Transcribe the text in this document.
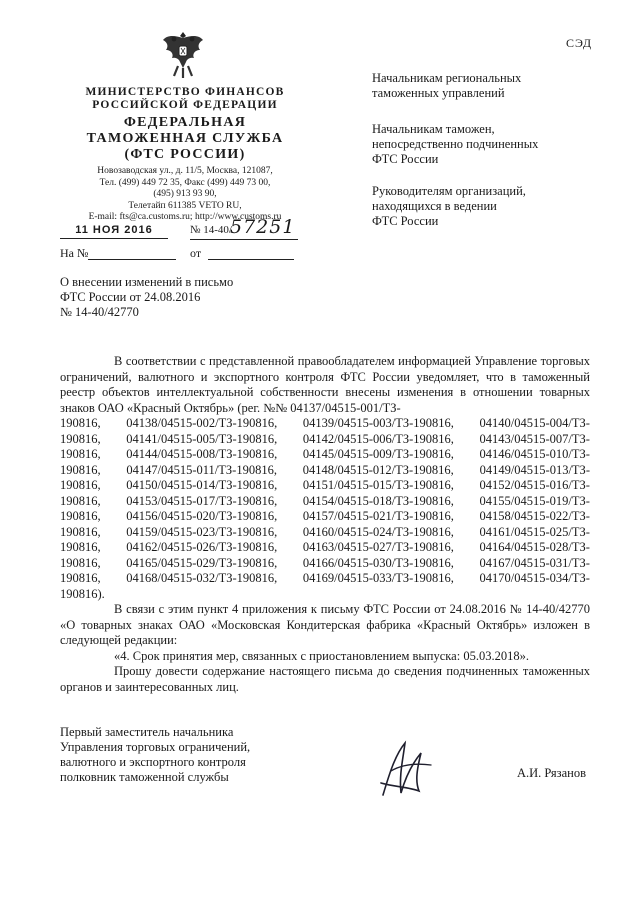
СЭД
МИНИСТЕРСТВО ФИНАНСОВ
РОССИЙСКОЙ ФЕДЕРАЦИИ
ФЕДЕРАЛЬНАЯ
ТАМОЖЕННАЯ СЛУЖБА
(ФТС РОССИИ)
Новозаводская ул., д. 11/5, Москва, 121087,
Тел. (499) 449 72 35, Факс (499) 449 73 00,
(495) 913 93 90,
Телетайп 611385 VETO RU,
E-mail: fts@ca.customs.ru; http://www.customs.ru
11 НОЯ 2016	№ 14-40/
57251
На №	от
Начальникам региональных
таможенных управлений
Начальникам таможен,
непосредственно подчиненных
ФТС России
Руководителям организаций,
находящихся в ведении
ФТС России
О внесении изменений в письмо
ФТС России от 24.08.2016
№ 14-40/42770

В соответствии с представленной правообладателем информацией Управление торговых ограничений, валютного и экспортного контроля ФТС России уведомляет, что в таможенный реестр объектов интеллектуальной собственности внесены изменения в отношении товарных знаков ОАО «Красный Октябрь» (рег. №№ 04137/04515-001/ТЗ-

190816, 04138/04515-002/ТЗ-190816, 04139/04515-003/ТЗ-190816, 04140/04515-004/ТЗ-
190816, 04141/04515-005/ТЗ-190816, 04142/04515-006/ТЗ-190816, 04143/04515-007/ТЗ-
190816, 04144/04515-008/ТЗ-190816, 04145/04515-009/ТЗ-190816, 04146/04515-010/ТЗ-
190816, 04147/04515-011/ТЗ-190816, 04148/04515-012/ТЗ-190816, 04149/04515-013/ТЗ-
190816, 04150/04515-014/ТЗ-190816, 04151/04515-015/ТЗ-190816, 04152/04515-016/ТЗ-
190816, 04153/04515-017/ТЗ-190816, 04154/04515-018/ТЗ-190816, 04155/04515-019/ТЗ-
190816, 04156/04515-020/ТЗ-190816, 04157/04515-021/ТЗ-190816, 04158/04515-022/ТЗ-
190816, 04159/04515-023/ТЗ-190816, 04160/04515-024/ТЗ-190816, 04161/04515-025/ТЗ-
190816, 04162/04515-026/ТЗ-190816, 04163/04515-027/ТЗ-190816, 04164/04515-028/ТЗ-
190816, 04165/04515-029/ТЗ-190816, 04166/04515-030/ТЗ-190816, 04167/04515-031/ТЗ-
190816, 04168/04515-032/ТЗ-190816, 04169/04515-033/ТЗ-190816, 04170/04515-034/ТЗ-

190816).

В связи с этим пункт 4 приложения к письму ФТС России от 24.08.2016 № 14-40/42770 «О товарных знаках ОАО «Московская Кондитерская фабрика «Красный Октябрь» изложен в следующей редакции:

«4. Срок принятия мер, связанных с приостановлением выпуска: 05.03.2018».

Прошу довести содержание настоящего письма до сведения подчиненных таможенных органов и заинтересованных лиц.

Первый заместитель начальника
Управления торговых ограничений,
валютного и экспортного контроля
полковник таможенной службы	А.И. Рязанов
